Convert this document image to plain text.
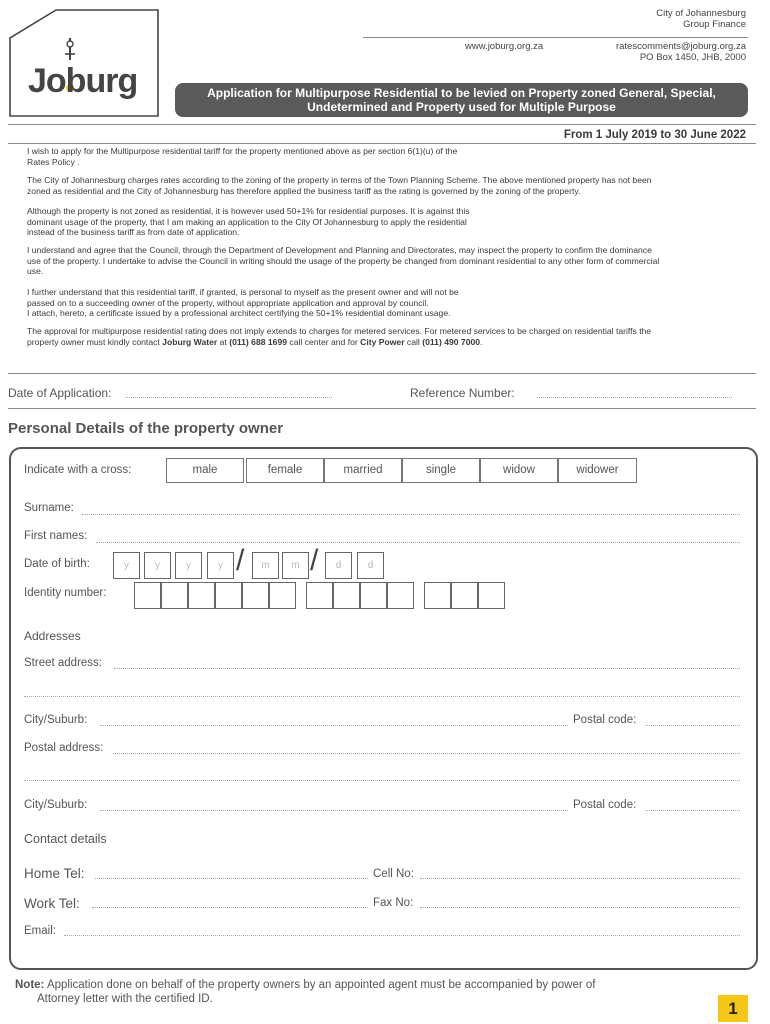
Joburg
City of Johannesburg
Group Finance
www.joburg.org.za	ratescomments@joburg.org.za
PO Box 1450, JHB, 2000
Application for Multipurpose Residential to be levied on Property zoned General, Special,
Undetermined and Property used for Multiple Purpose
From 1 July 2019 to 30 June 2022
I wish to apply for the Multipurpose residential tariff for the property mentioned above as per section 6(1)(u) of the
Rates Policy .
The City of Johannesburg charges rates according to the zoning of the property in terms of the Town Planning Scheme. The above mentioned property has not been
zoned as residential and the City of Johannesburg has therefore applied the business tariff as the rating is governed by the zoning of the property.
Although the property is not zoned as residential, it is however used 50+1% for residential purposes. It is against this
dominant usage of the property, that I am making an application to the City Of Johannesburg to apply the residential
instead of the business tariff as from date of application.
I understand and agree that the Council, through the Department of Development and Planning and Directorates, may inspect the property to confirm the dominance
use of the property. I undertake to advise the Council in writing should the usage of the property be changed from dominant residential to any other form of commercial
use.
I further understand that this residential tariff, if granted, is personal to myself as the present owner and will not be
passed on to a succeeding owner of the property, without appropriate application and approval by council.
I attach, hereto, a certificate issued by a professional architect certifying the 50+1% residential dominant usage.
The approval for multipurpose residential rating does not imply extends to charges for metered services. For metered services to be charged on residential tariffs the
property owner must kindly contact Joburg Water at (011) 688 1699 call center and for City Power call (011) 490 7000.
Date of Application:	Reference Number:
Personal Details of the property owner
Indicate with a cross:	male	female	married	single	widow	widower
Surname:
First names:
Date of birth:	y	y	y	y /	m	m /	d	d
Identity number:
Addresses
Street address:
City/Suburb:	Postal code:
Postal address:
City/Suburb:	Postal code:
Contact details
Home Tel:	Cell No:
Work Tel:	Fax No:
Email:
Note: Application done on behalf of the property owners by an appointed agent must be accompanied by power of
Attorney letter with the certified ID.	1
